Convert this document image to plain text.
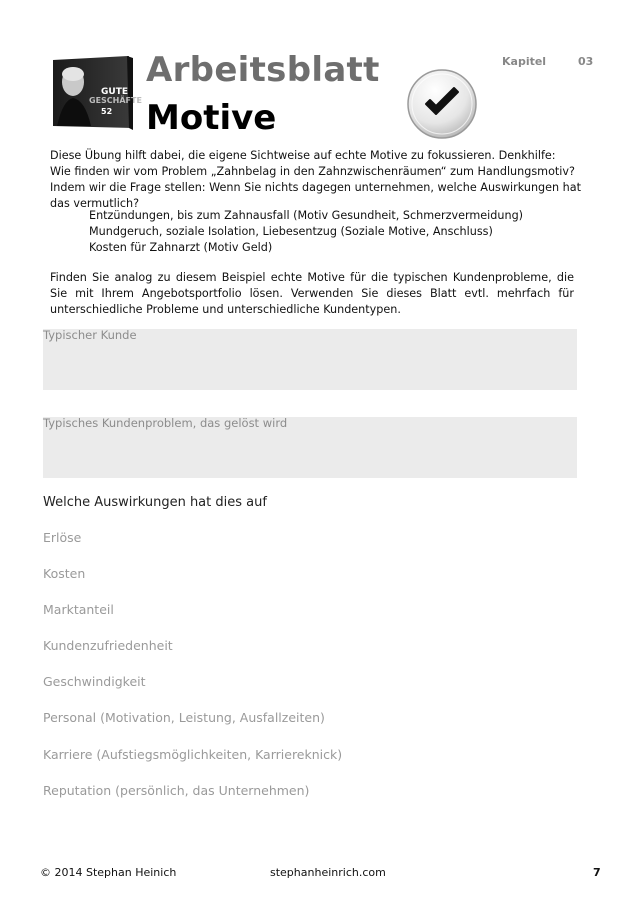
GUTE
GESCHÄFTE
52
Arbeitsblatt
Motive
Kapitel	03

Diese Übung hilft dabei, die eigene Sichtweise auf echte Motive zu fokussieren. Denkhilfe:

Wie finden wir vom Problem „Zahnbelag in den Zahnzwischenräumen“ zum Handlungsmotiv? Indem wir die Frage stellen: Wenn Sie nichts dagegen unternehmen, welche Auswirkungen hat das vermutlich?

Entzündungen, bis zum Zahnausfall (Motiv Gesundheit, Schmerzvermeidung)
Mundgeruch, soziale Isolation, Liebesentzug (Soziale Motive, Anschluss)
Kosten für Zahnarzt (Motiv Geld)
Finden Sie analog zu diesem Beispiel echte Motive für die typischen Kundenprobleme, die Sie mit Ihrem Angebotsportfolio lösen. Verwenden Sie dieses Blatt evtl. mehrfach für unterschiedliche Probleme und unterschiedliche Kundentypen.
Typischer Kunde
Typisches Kundenproblem, das gelöst wird
Welche Auswirkungen hat dies auf
Erlöse
Kosten
Marktanteil
Kundenzufriedenheit
Geschwindigkeit
Personal (Motivation, Leistung, Ausfallzeiten)
Karriere (Aufstiegsmöglichkeiten, Karriereknick)
Reputation (persönlich, das Unternehmen)
© 2014 Stephan Heinich	stephanheinrich.com	7
